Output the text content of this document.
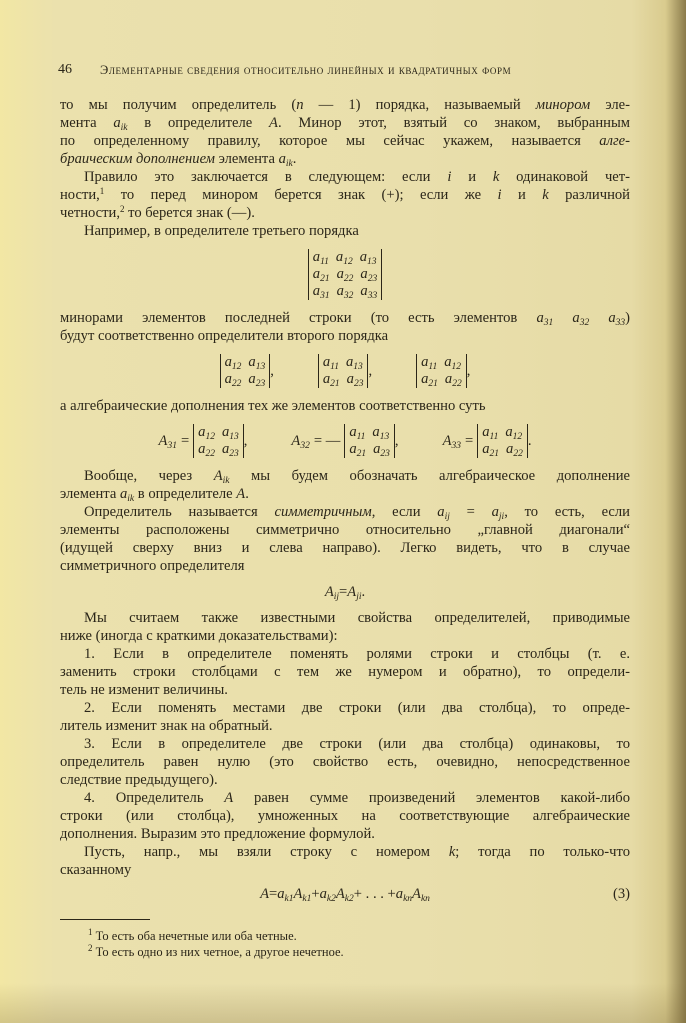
46 Элементарные сведения относительно линейных и квадратичных форм
то мы получим определитель (n — 1) порядка, называемый минором эле-
мента $a_{ik}$ в определителе A. Минор этот, взятый со знаком, выбранным
по определенному правилу, которое мы сейчас укажем, называется алге-
браическим дополнением элемента $a_{ik}$.
Правило это заключается в следующем: если i и k одинаковой чет-
ности,$^1$ то перед минором берется знак (+); если же i и k различной
четности,$^2$ то берется знак (—).
Например, в определителе третьего порядка
$a_{11}$ $a_{12}$ $a_{13}$
$a_{21}$ $a_{22}$ $a_{23}$
$a_{31}$ $a_{32}$ $a_{33}$
минорами элементов последней строки (то есть элементов $a_{31}$ $a_{32}$ $a_{33}$)
будут соответственно определители второго порядка
$a_{12}$ $a_{13}$
$a_{22}$ $a_{23}$
,
$a_{11}$ $a_{13}$
$a_{21}$ $a_{23}$
,
$a_{11}$ $a_{12}$
$a_{21}$ $a_{22}$
,
а алгебраические дополнения тех же элементов соответственно суть
$A_{31}$ =
$a_{12}$ $a_{13}$
$a_{22}$ $a_{23}$
,	$A_{32}$ = —
$a_{11}$ $a_{13}$
$a_{21}$ $a_{23}$
,	$A_{33}$ =
$a_{11}$ $a_{12}$
$a_{21}$ $a_{22}$
.
Вообще, через $A_{ik}$ мы будем обозначать алгебраическое дополнение
элемента $a_{ik}$ в определителе A.
Определитель называется симметричным, если $a_{ij} = a_{ji}$, то есть, если
элементы расположены симметрично относительно „главной диагонали“
(идущей сверху вниз и слева направо). Легко видеть, что в случае
симметричного определителя
$A_{ij} = A_{ji}$ .
Мы считаем также известными свойства определителей, приводимые
ниже (иногда с краткими доказательствами):
1. Если в определителе поменять ролями строки и столбцы (т. е.
заменить строки столбцами с тем же нумером и обратно), то определи-
тель не изменит величины.
2. Если поменять местами две строки (или два столбца), то опреде-
литель изменит знак на обратный.
3. Если в определителе две строки (или два столбца) одинаковы, то
определитель равен нулю (это свойство есть, очевидно, непосредственное
следствие предыдущего).
4. Определитель A равен сумме произведений элементов какой-либо
строки (или столбца), умноженных на соответствующие алгебраические
дополнения. Выразим это предложение формулой.
Пусть, напр., мы взяли строку с номером k; тогда по только-что
сказанному
$A = a_{k1}$ $A_{k1} + a_{k2}$ $A_{k2}$ + . . . + $a_{kn}$ $A_{kn}$	(3)
$^1$ То есть оба нечетные или оба четные.
$^2$ То есть одно из них четное, а другое нечетное.
